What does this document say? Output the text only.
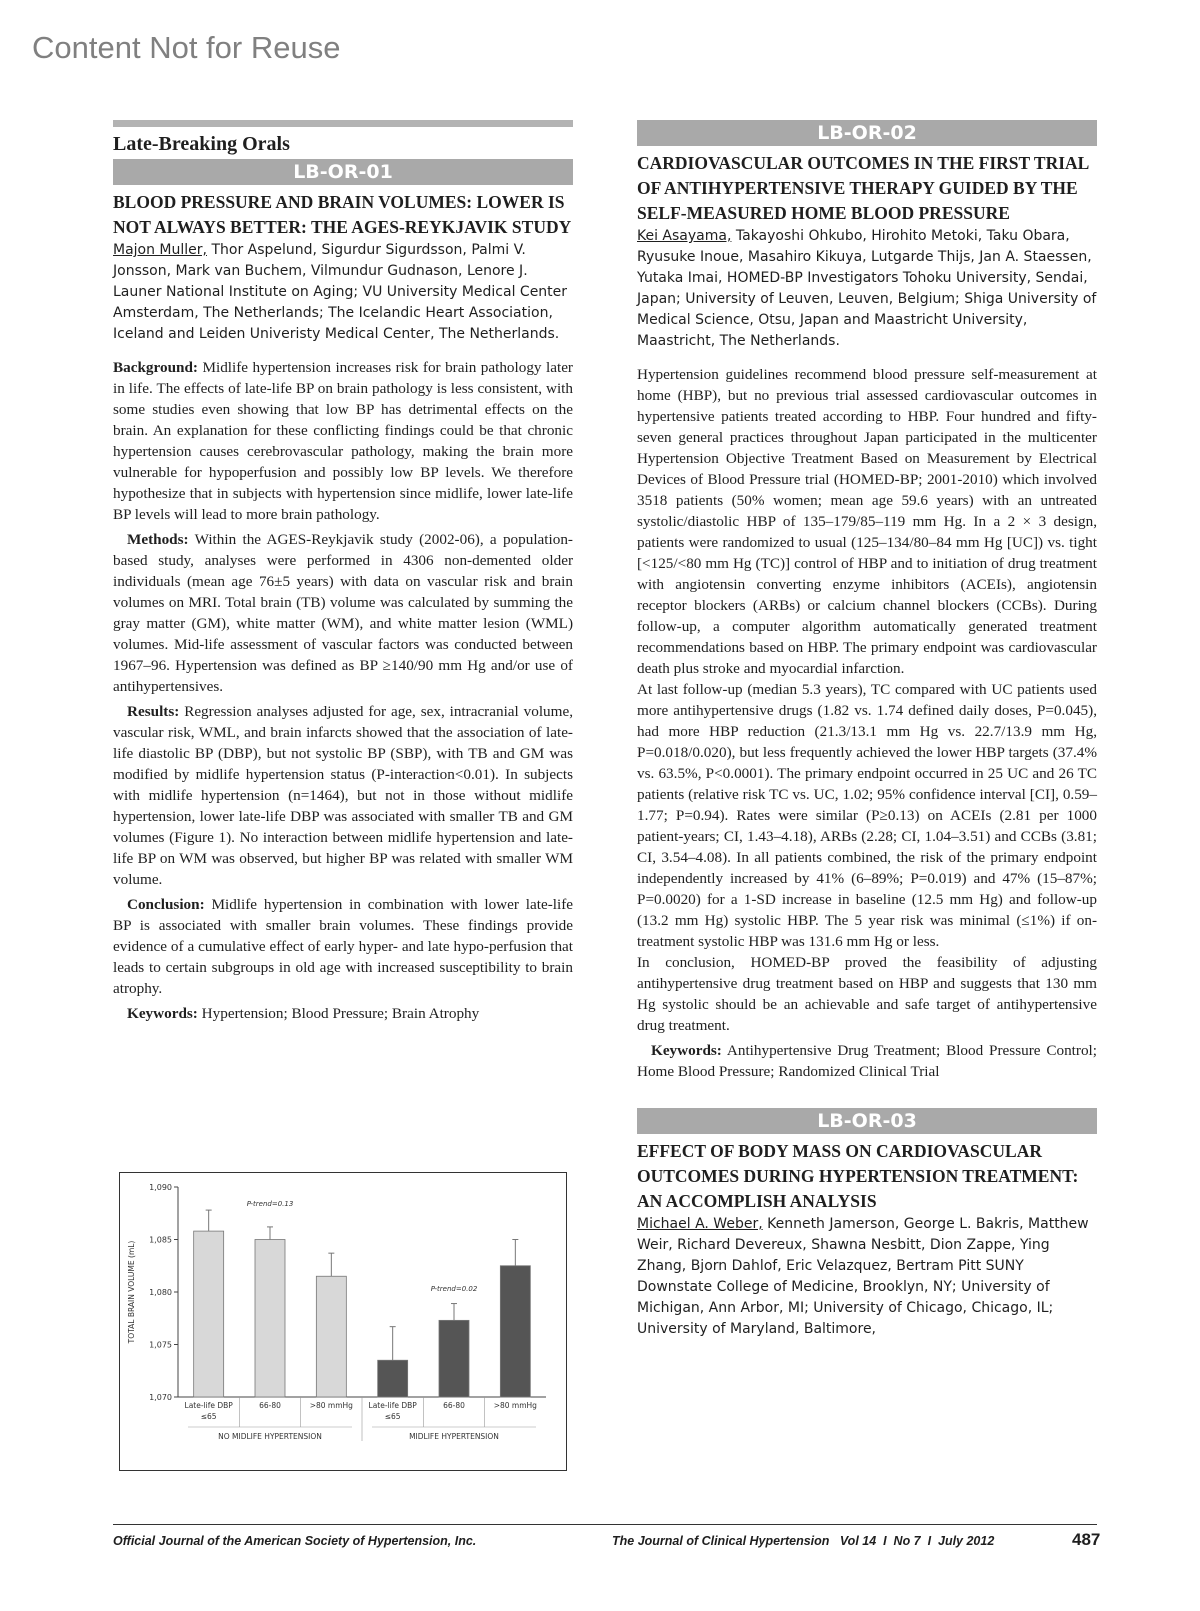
Content Not for Reuse
Late-Breaking Orals
LB-OR-01
BLOOD PRESSURE AND BRAIN VOLUMES: LOWER IS NOT ALWAYS BETTER: THE AGES-REYKJAVIK STUDY

Majon Muller, Thor Aspelund, Sigurdur Sigurdsson, Palmi V. Jonsson, Mark van Buchem, Vilmundur Gudnason, Lenore J. Launer National Institute on Aging; VU University Medical Center Amsterdam, The Netherlands; The Icelandic Heart Association, Iceland and Leiden Univeristy Medical Center, The Netherlands.

Background: Midlife hypertension increases risk for brain pathology later in life. The effects of late-life BP on brain pathology is less consistent, with some studies even showing that low BP has detrimental effects on the brain. An explanation for these conflicting findings could be that chronic hypertension causes cerebrovascular pathology, making the brain more vulnerable for hypoperfusion and possibly low BP levels. We therefore hypothesize that in subjects with hypertension since midlife, lower late-life BP levels will lead to more brain pathology.

Methods: Within the AGES-Reykjavik study (2002-06), a population-based study, analyses were performed in 4306 non-demented older individuals (mean age 76±5 years) with data on vascular risk and brain volumes on MRI. Total brain (TB) volume was calculated by summing the gray matter (GM), white matter (WM), and white matter lesion (WML) volumes. Mid-life assessment of vascular factors was conducted between 1967–96. Hypertension was defined as BP ≥140/90 mm Hg and/or use of antihypertensives.

Results: Regression analyses adjusted for age, sex, intracranial volume, vascular risk, WML, and brain infarcts showed that the association of late-life diastolic BP (DBP), but not systolic BP (SBP), with TB and GM was modified by midlife hypertension status (P-interaction<0.01). In subjects with midlife hypertension (n=1464), but not in those without midlife hypertension, lower late-life DBP was associated with smaller TB and GM volumes (Figure 1). No interaction between midlife hypertension and late-life BP on WM was observed, but higher BP was related with smaller WM volume.

Conclusion: Midlife hypertension in combination with lower late-life BP is associated with smaller brain volumes. These findings provide evidence of a cumulative effect of early hyper- and late hypo-perfusion that leads to certain subgroups in old age with increased susceptibility to brain atrophy.

Keywords: Hypertension; Blood Pressure; Brain Atrophy

1,090
1,085
1,080
1,075
1,070
TOTAL BRAIN VOLUME (mL)
Late-life DBP
≤65
66-80	>80 mmHg
NO MIDLIFE HYPERTENSION
P-trend=0.13
Late-life DBP
≤65
66-80	>80 mmHg
MIDLIFE HYPERTENSION
P-trend=0.02
LB-OR-02
CARDIOVASCULAR OUTCOMES IN THE FIRST TRIAL OF ANTIHYPERTENSIVE THERAPY GUIDED BY THE SELF-MEASURED HOME BLOOD PRESSURE

Kei Asayama, Takayoshi Ohkubo, Hirohito Metoki, Taku Obara, Ryusuke Inoue, Masahiro Kikuya, Lutgarde Thijs, Jan A. Staessen, Yutaka Imai, HOMED-BP Investigators Tohoku University, Sendai, Japan; University of Leuven, Leuven, Belgium; Shiga University of Medical Science, Otsu, Japan and Maastricht University, Maastricht, The Netherlands.

Hypertension guidelines recommend blood pressure self-measurement at home (HBP), but no previous trial assessed cardiovascular outcomes in hypertensive patients treated according to HBP. Four hundred and fifty-seven general practices throughout Japan participated in the multicenter Hypertension Objective Treatment Based on Measurement by Electrical Devices of Blood Pressure trial (HOMED-BP; 2001-2010) which involved 3518 patients (50% women; mean age 59.6 years) with an untreated systolic/diastolic HBP of 135–179/85–119 mm Hg. In a 2 × 3 design, patients were randomized to usual (125–134/80–84 mm Hg [UC]) vs. tight [<125/<80 mm Hg (TC)] control of HBP and to initiation of drug treatment with angiotensin converting enzyme inhibitors (ACEIs), angiotensin receptor blockers (ARBs) or calcium channel blockers (CCBs). During follow-up, a computer algorithm automatically generated treatment recommendations based on HBP. The primary endpoint was cardiovascular death plus stroke and myocardial infarction.

At last follow-up (median 5.3 years), TC compared with UC patients used more antihypertensive drugs (1.82 vs. 1.74 defined daily doses, P=0.045), had more HBP reduction (21.3/13.1 mm Hg vs. 22.7/13.9 mm Hg, P=0.018/0.020), but less frequently achieved the lower HBP targets (37.4% vs. 63.5%, P<0.0001). The primary endpoint occurred in 25 UC and 26 TC patients (relative risk TC vs. UC, 1.02; 95% confidence interval [CI], 0.59–1.77; P=0.94). Rates were similar (P≥0.13) on ACEIs (2.81 per 1000 patient-years; CI, 1.43–4.18), ARBs (2.28; CI, 1.04–3.51) and CCBs (3.81; CI, 3.54–4.08). In all patients combined, the risk of the primary endpoint independently increased by 41% (6–89%; P=0.019) and 47% (15–87%; P=0.0020) for a 1-SD increase in baseline (12.5 mm Hg) and follow-up (13.2 mm Hg) systolic HBP. The 5 year risk was minimal (≤1%) if on-treatment systolic HBP was 131.6 mm Hg or less.

In conclusion, HOMED-BP proved the feasibility of adjusting antihypertensive drug treatment based on HBP and suggests that 130 mm Hg systolic should be an achievable and safe target of antihypertensive drug treatment.

Keywords: Antihypertensive Drug Treatment; Blood Pressure Control; Home Blood Pressure; Randomized Clinical Trial

LB-OR-03
EFFECT OF BODY MASS ON CARDIOVASCULAR OUTCOMES DURING HYPERTENSION TREATMENT: AN ACCOMPLISH ANALYSIS

Michael A. Weber, Kenneth Jamerson, George L. Bakris, Matthew Weir, Richard Devereux, Shawna Nesbitt, Dion Zappe, Ying Zhang, Bjorn Dahlof, Eric Velazquez, Bertram Pitt SUNY Downstate College of Medicine, Brooklyn, NY; University of Michigan, Ann Arbor, MI; University of Chicago, Chicago, IL; University of Maryland, Baltimore,

Official Journal of the American Society of Hypertension, Inc.	The Journal of Clinical Hypertension   Vol 14  I  No 7  I  July 2012	487
